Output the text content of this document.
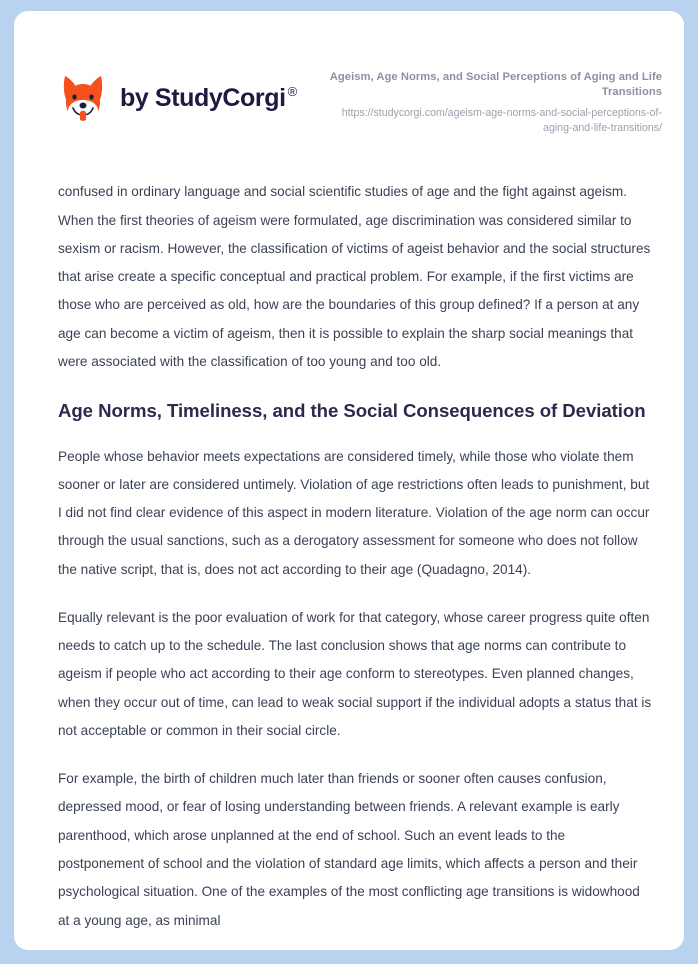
by StudyCorgi ®
Ageism, Age Norms, and Social Perceptions of Aging and Life Transitions
https://studycorgi.com/ageism-age-norms-and-social-perceptions-of-aging-and-life-transitions/

confused in ordinary language and social scientific studies of age and the fight against ageism. When the first theories of ageism were formulated, age discrimination was considered similar to sexism or racism. However, the classification of victims of ageist behavior and the social structures that arise create a specific conceptual and practical problem. For example, if the first victims are those who are perceived as old, how are the boundaries of this group defined? If a person at any age can become a victim of ageism, then it is possible to explain the sharp social meanings that were associated with the classification of too young and too old.

Age Norms, Timeliness, and the Social Consequences of Deviation

People whose behavior meets expectations are considered timely, while those who violate them sooner or later are considered untimely. Violation of age restrictions often leads to punishment, but I did not find clear evidence of this aspect in modern literature. Violation of the age norm can occur through the usual sanctions, such as a derogatory assessment for someone who does not follow the native script, that is, does not act according to their age (Quadagno, 2014).

Equally relevant is the poor evaluation of work for that category, whose career progress quite often needs to catch up to the schedule. The last conclusion shows that age norms can contribute to ageism if people who act according to their age conform to stereotypes. Even planned changes, when they occur out of time, can lead to weak social support if the individual adopts a status that is not acceptable or common in their social circle.

For example, the birth of children much later than friends or sooner often causes confusion, depressed mood, or fear of losing understanding between friends. A relevant example is early parenthood, which arose unplanned at the end of school. Such an event leads to the postponement of school and the violation of standard age limits, which affects a person and their psychological situation. One of the examples of the most conflicting age transitions is widowhood at a young age, as minimal
